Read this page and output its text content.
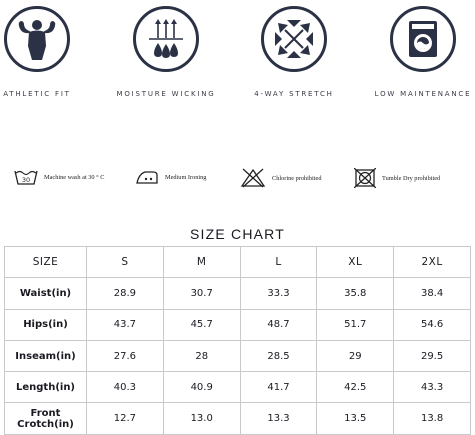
ATHLETIC FIT	MOISTURE WICKING	4-WAY STRETCH	LOW MAINTENANCE
30 Machine wash at 30 ° C	Medium Ironing	Chlorine prohibited	Tumble Dry prohibited
SIZE CHART
SIZE	S	M	L	XL	2XL
Waist(in)	28.9	30.7	33.3	35.8	38.4
Hips(in)	43.7	45.7	48.7	51.7	54.6
Inseam(in)	27.6	28	28.5	29	29.5
Length(in)	40.3	40.9	41.7	42.5	43.3
Front Crotch(in)	12.7	13.0	13.3	13.5	13.8
